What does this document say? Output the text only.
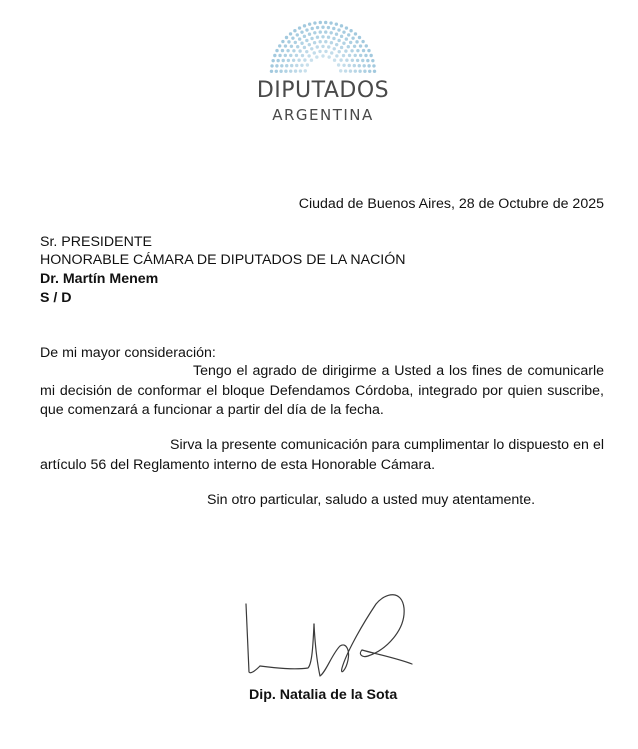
DIPUTADOS
ARGENTINA
Ciudad de Buenos Aires, 28 de Octubre de 2025
Sr. PRESIDENTE
HONORABLE CÁMARA DE DIPUTADOS DE LA NACIÓN
Dr. Martín Menem
S / D
De mi mayor consideración:
Tengo el agrado de dirigirme a Usted a los fines de comunicarle
mi decisión de conformar el bloque Defendamos Córdoba, integrado por quien suscribe,
que comenzará a funcionar a partir del día de la fecha.
Sirva la presente comunicación para cumplimentar lo dispuesto en el
artículo 56 del Reglamento interno de esta Honorable Cámara.
Sin otro particular, saludo a usted muy atentamente.
Dip. Natalia de la Sota
